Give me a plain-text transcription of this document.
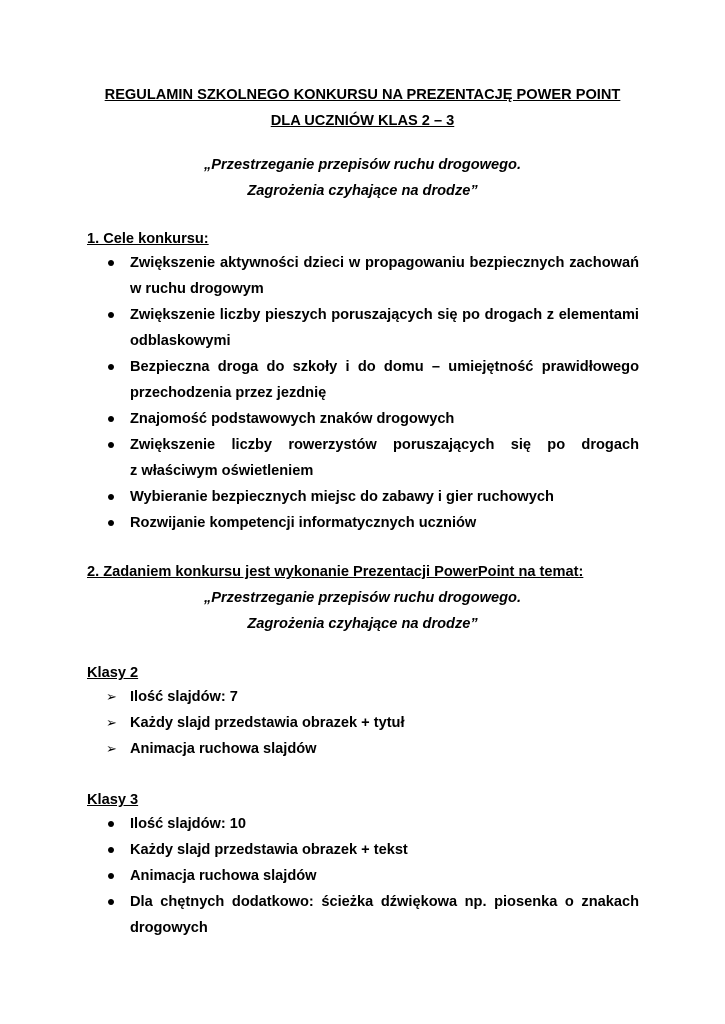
REGULAMIN SZKOLNEGO KONKURSU NA PREZENTACJĘ POWER POINT
DLA UCZNIÓW KLAS 2 – 3
„Przestrzeganie przepisów ruchu drogowego.
Zagrożenia czyhające na drodze”
1. Cele konkursu:
Zwiększenie aktywności dzieci w propagowaniu bezpiecznych zachowań
w ruchu drogowym
Zwiększenie liczby pieszych poruszających się po drogach z elementami
odblaskowymi
Bezpieczna droga do szkoły i do domu – umiejętność prawidłowego
przechodzenia przez jezdnię
Znajomość podstawowych znaków drogowych
Zwiększenie liczby rowerzystów poruszających się po drogach
z właściwym oświetleniem
Wybieranie bezpiecznych miejsc do zabawy i gier ruchowych
Rozwijanie kompetencji informatycznych uczniów
2. Zadaniem konkursu jest wykonanie Prezentacji PowerPoint na temat:
„Przestrzeganie przepisów ruchu drogowego.
Zagrożenia czyhające na drodze”
Klasy 2
➢ Ilość slajdów: 7
➢ Każdy slajd przedstawia obrazek + tytuł
➢ Animacja ruchowa slajdów
Klasy 3
Ilość slajdów: 10
Każdy slajd przedstawia obrazek + tekst
Animacja ruchowa slajdów
Dla chętnych dodatkowo: ścieżka dźwiękowa np. piosenka o znakach
drogowych
